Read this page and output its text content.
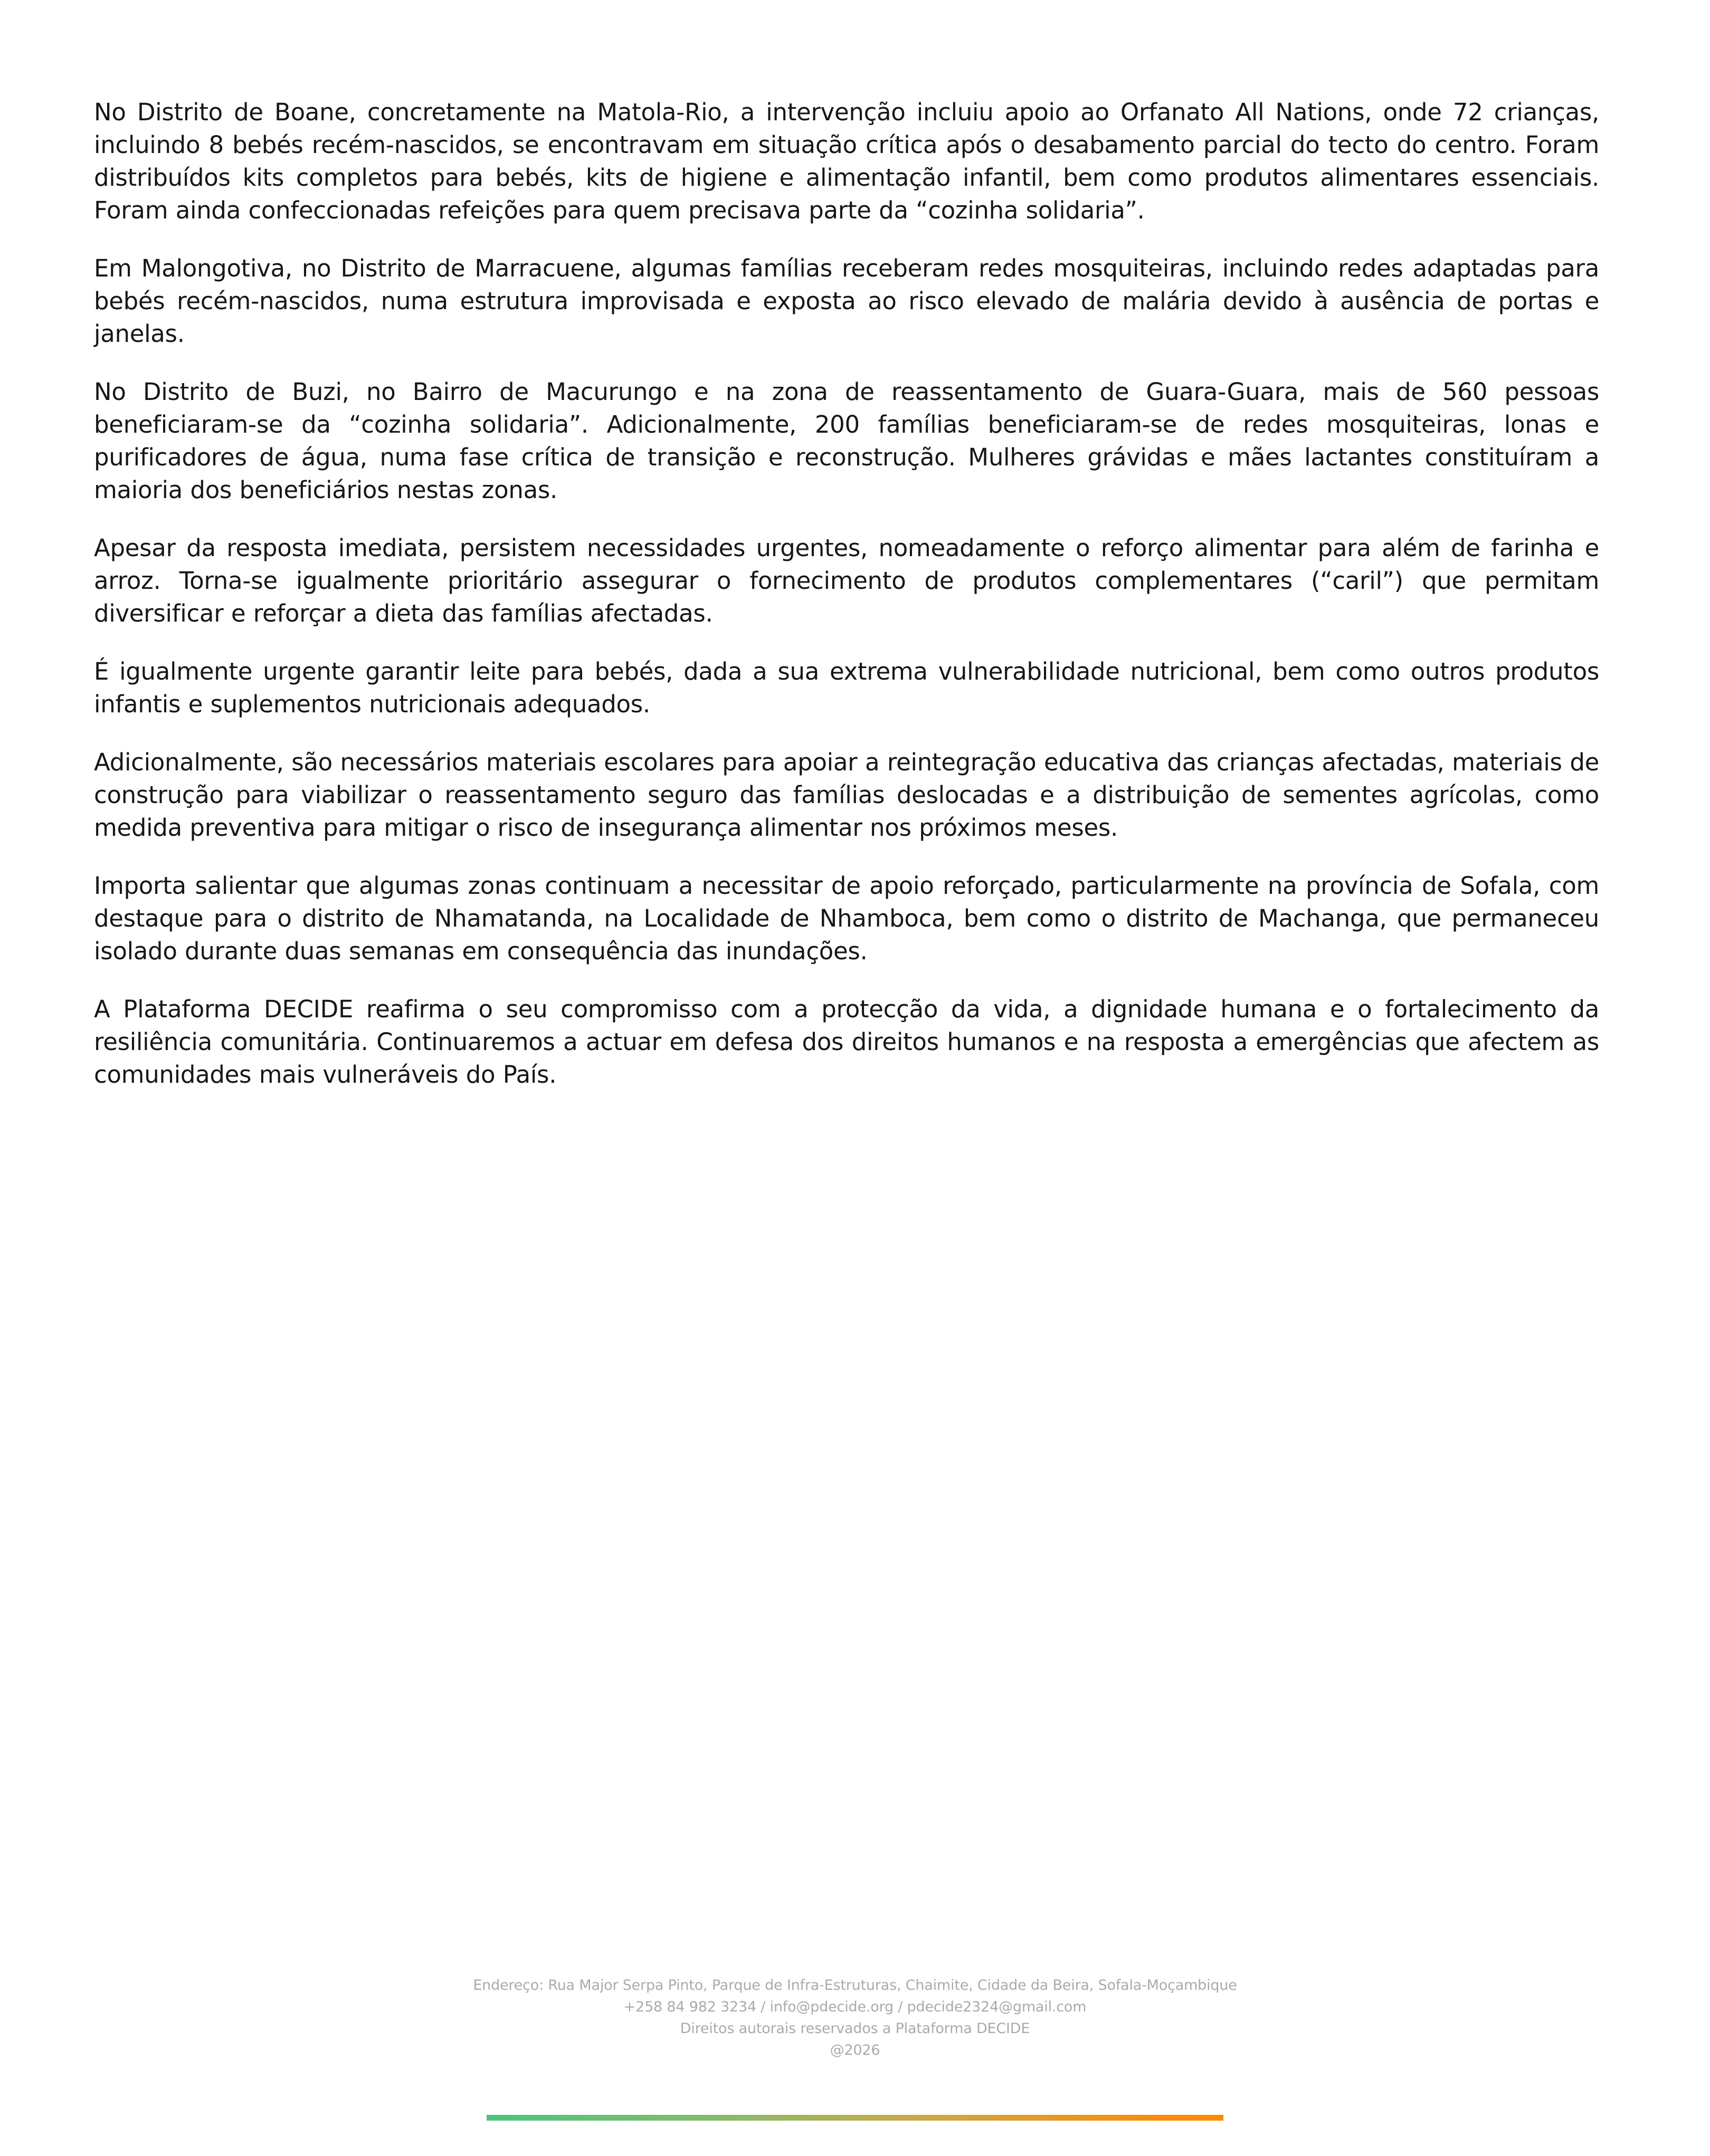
No Distrito de Boane, concretamente na Matola-Rio, a intervenção incluiu apoio ao Orfanato All Nations, onde 72 crianças, incluindo 8 bebés recém-nascidos, se encontravam em situação crítica após o desabamento parcial do tecto do centro. Foram distribuídos kits completos para bebés, kits de higiene e alimentação infantil, bem como produtos alimentares essenciais. Foram ainda confeccionadas refeições para quem precisava parte da “cozinha solidaria”.

Em Malongotiva, no Distrito de Marracuene, algumas famílias receberam redes mosquiteiras, incluindo redes adaptadas para bebés recém-nascidos, numa estrutura improvisada e exposta ao risco elevado de malária devido à ausência de portas e janelas.

No Distrito de Buzi, no Bairro de Macurungo e na zona de reassentamento de Guara-Guara, mais de 560 pessoas beneficiaram-se da “cozinha solidaria”. Adicionalmente, 200 famílias beneficiaram-se de redes mosquiteiras, lonas e purificadores de água, numa fase crítica de transição e reconstrução. Mulheres grávidas e mães lactantes constituíram a maioria dos beneficiários nestas zonas.

Apesar da resposta imediata, persistem necessidades urgentes, nomeadamente o reforço alimentar para além de farinha e arroz. Torna-se igualmente prioritário assegurar o fornecimento de produtos complementares (“caril”) que permitam diversificar e reforçar a dieta das famílias afectadas.

É igualmente urgente garantir leite para bebés, dada a sua extrema vulnerabilidade nutricional, bem como outros produtos infantis e suplementos nutricionais adequados.

Adicionalmente, são necessários materiais escolares para apoiar a reintegração educativa das crianças afectadas, materiais de construção para viabilizar o reassentamento seguro das famílias deslocadas e a distribuição de sementes agrícolas, como medida preventiva para mitigar o risco de insegurança alimentar nos próximos meses.

Importa salientar que algumas zonas continuam a necessitar de apoio reforçado, particularmente na província de Sofala, com destaque para o distrito de Nhamatanda, na Localidade de Nhamboca, bem como o distrito de Machanga, que permaneceu isolado durante duas semanas em consequência das inundações.

A Plataforma DECIDE reafirma o seu compromisso com a protecção da vida, a dignidade humana e o fortalecimento da resiliência comunitária. Continuaremos a actuar em defesa dos direitos humanos e na resposta a emergências que afectem as comunidades mais vulneráveis do País.

Endereço: Rua Major Serpa Pinto, Parque de Infra-Estruturas, Chaimite, Cidade da Beira, Sofala-Moçambique
+258 84 982 3234 / info@pdecide.org / pdecide2324@gmail.com
Direitos autorais reservados a Plataforma DECIDE
@2026
